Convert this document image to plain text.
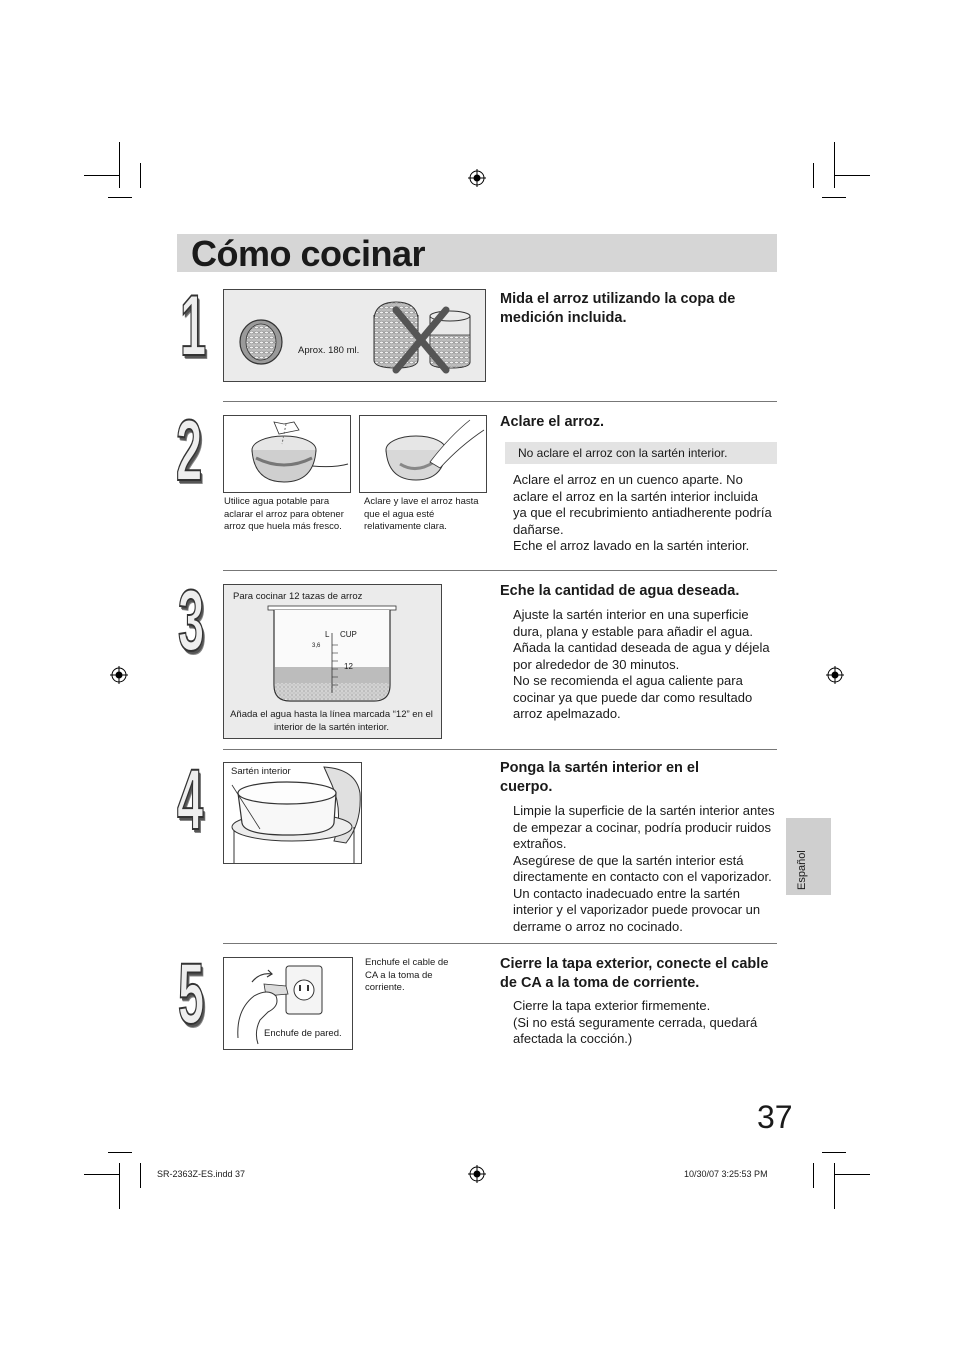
Cómo cocinar
1	Aprox. 180 ml.
Mida el arroz utilizando la copa de medición incluida.
2
Utilice agua potable para aclarar el arroz para obtener arroz que huela más fresco.
Aclare y lave el arroz hasta que el agua esté relativamente clara.
Aclare el arroz.
No aclare el arroz con la sartén interior.
Aclare el arroz en un cuenco aparte. No aclare el arroz en la sartén interior incluida ya que el recubrimiento antiadherente podría dañarse.
Eche el arroz lavado en la sartén interior.
3	Para cocinar 12 tazas de arroz
L CUP
3,6
12
Añada el agua hasta la línea marcada “12” en el interior de la sartén interior.
Eche la cantidad de agua deseada.
Ajuste la sartén interior en una superficie dura, plana y estable para añadir el agua. Añada la cantidad deseada de agua y déjela por alrededor de 30 minutos.
No se recomienda el agua caliente para cocinar ya que puede dar como resultado arroz apelmazado.
4	Sartén interior	Ponga la sartén interior en el cuerpo.
Limpie la superficie de la sartén interior antes de empezar a cocinar, podría producir ruidos extraños.
Asegúrese de que la sartén interior está directamente en contacto con el vaporizador. Un contacto inadecuado entre la sartén interior y el vaporizador puede provocar un derrame o arroz no cocinado.
5	Enchufe de pared.
Enchufe el cable de CA a la toma de corriente.
Cierre la tapa exterior, conecte el cable de CA a la toma de corriente.
Cierre la tapa exterior firmemente.
(Si no está seguramente cerrada, quedará afectada la cocción.)
Español
37
SR-2363Z-ES.indd 37	10/30/07 3:25:53 PM
